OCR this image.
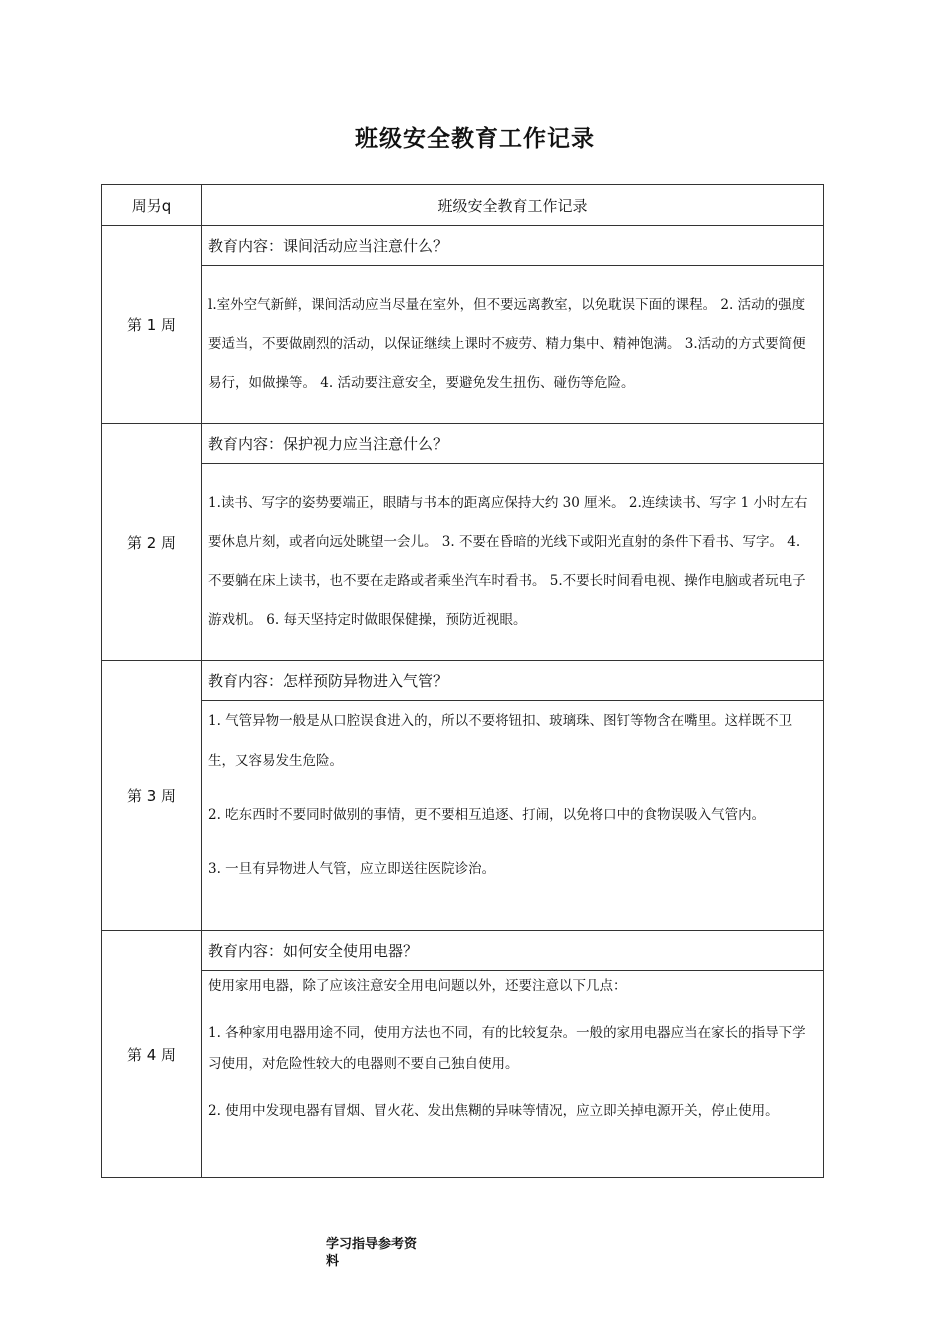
班级安全教育工作记录
周另q	班级安全教育工作记录
第 1 周	教育内容：课间活动应当注意什么？

	l.室外空气新鲜，课间活动应当尽量在室外，但不要远离教室，以免耽误下面的课程。 2. 活动的强度要适当，不要做剧烈的活动，以保证继续上课时不疲劳、精力集中、精神饱满。 3.活动的方式要简便易行，如做操等。 4. 活动要注意安全，要避免发生扭伤、碰伤等危险。

第 2 周	教育内容：保护视力应当注意什么？

	1.读书、写字的姿势要端正，眼睛与书本的距离应保持大约 30 厘米。 2.连续读书、写字 1 小时左右要休息片刻，或者向远处眺望一会儿。 3. 不要在昏暗的光线下或阳光直射的条件下看书、写字。 4. 不要躺在床上读书，也不要在走路或者乘坐汽车时看书。 5.不要长时间看电视、操作电脑或者玩电子游戏机。 6. 每天坚持定时做眼保健操，预防近视眼。

第 3 周	教育内容：怎样预防异物进入气管？

	1. 气管异物一般是从口腔误食进入的，所以不要将钮扣、玻璃珠、图钉等物含在嘴里。这样既不卫生，又容易发生危险。

2. 吃东西时不要同时做别的事情，更不要相互追逐、打闹，以免将口中的食物误吸入气管内。

3. 一旦有异物进人气管，应立即送往医院诊治。

第 4 周	教育内容：如何安全使用电器？

	使用家用电器，除了应该注意安全用电问题以外，还要注意以下几点：

1. 各种家用电器用途不同，使用方法也不同，有的比较复杂。一般的家用电器应当在家长的指导下学习使用，对危险性较大的电器则不要自己独自使用。

2. 使用中发现电器有冒烟、冒火花、发出焦糊的异味等情况，应立即关掉电源开关，停止使用。

学习指导参考资
料
